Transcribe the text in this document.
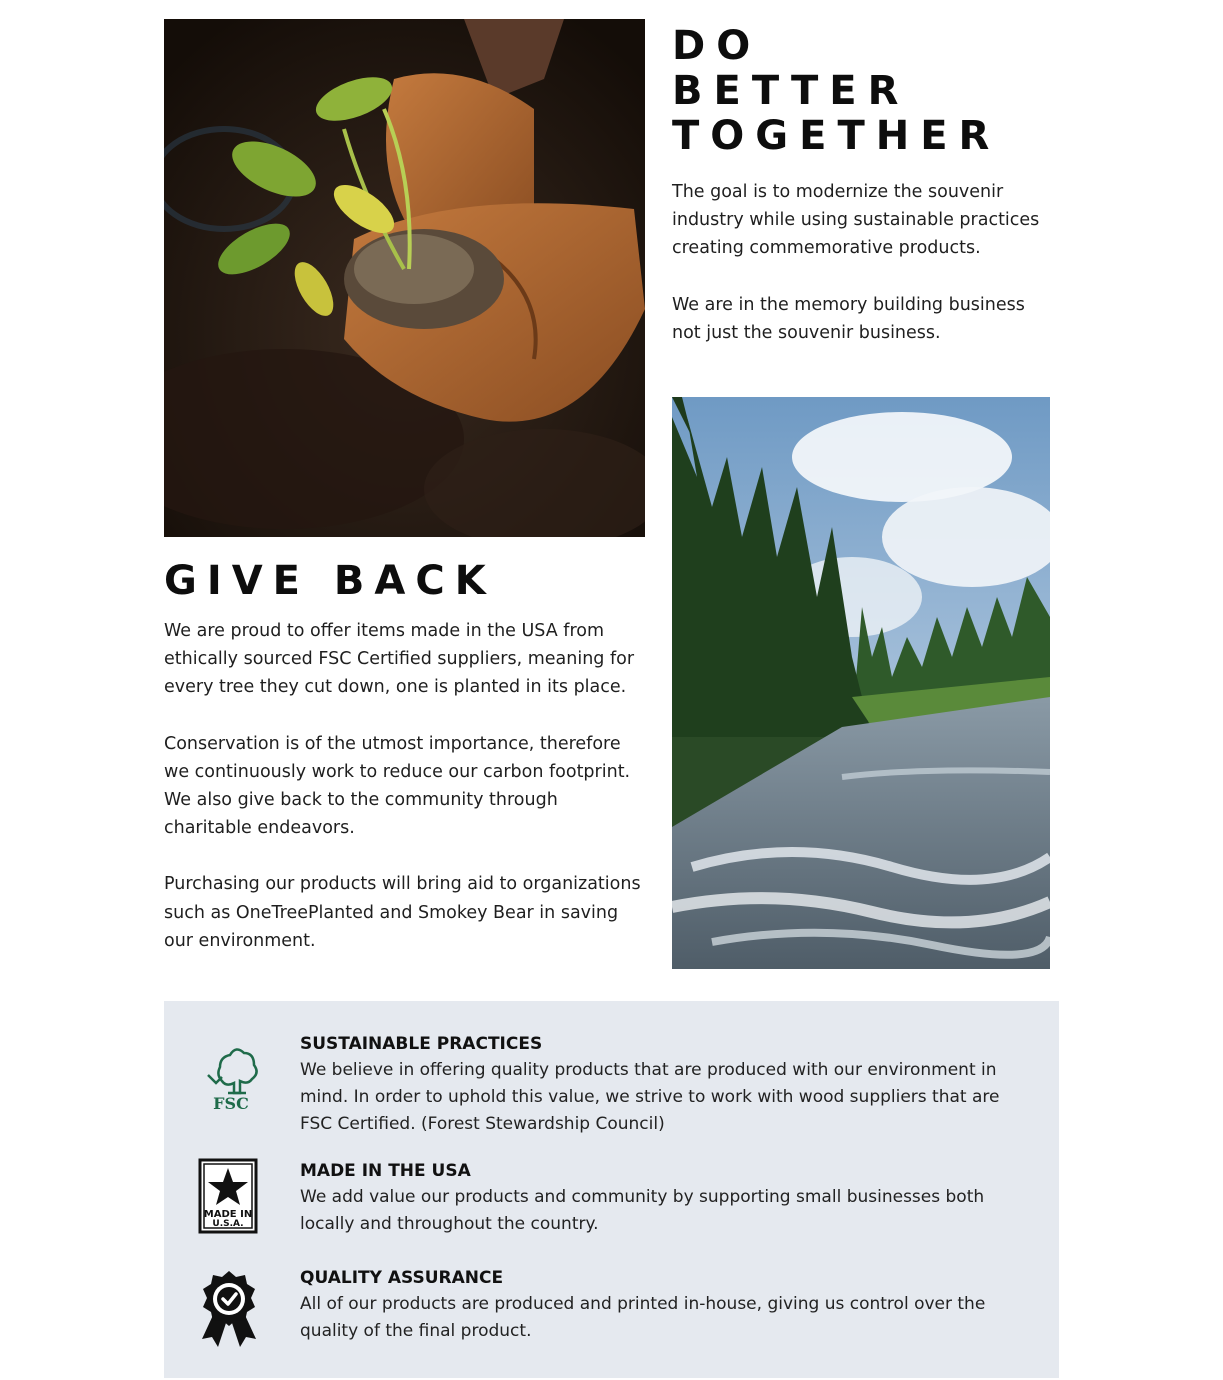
DO
BETTER
TOGETHER

The goal is to modernize the souvenir industry while using sustainable practices creating commemorative products.

We are in the memory building business not just the souvenir business.

GIVE BACK

We are proud to offer items made in the USA from ethically sourced FSC Certified suppliers, meaning for every tree they cut down, one is planted in its place.

Conservation is of the utmost importance, therefore we continuously work to reduce our carbon footprint. We also give back to the community through charitable endeavors.

Purchasing our products will bring aid to organizations such as OneTreePlanted and Smokey Bear in saving our environment.

FSC
SUSTAINABLE PRACTICES
We believe in offering quality products that are produced with our environment in mind. In order to uphold this value, we strive to work with wood suppliers that are FSC Certified. (Forest Stewardship Council)
MADE IN
U.S.A.
MADE IN THE USA
We add value our products and community by supporting small businesses both locally and throughout the country.
QUALITY ASSURANCE
All of our products are produced and printed in-house, giving us control over the quality of the final product.
